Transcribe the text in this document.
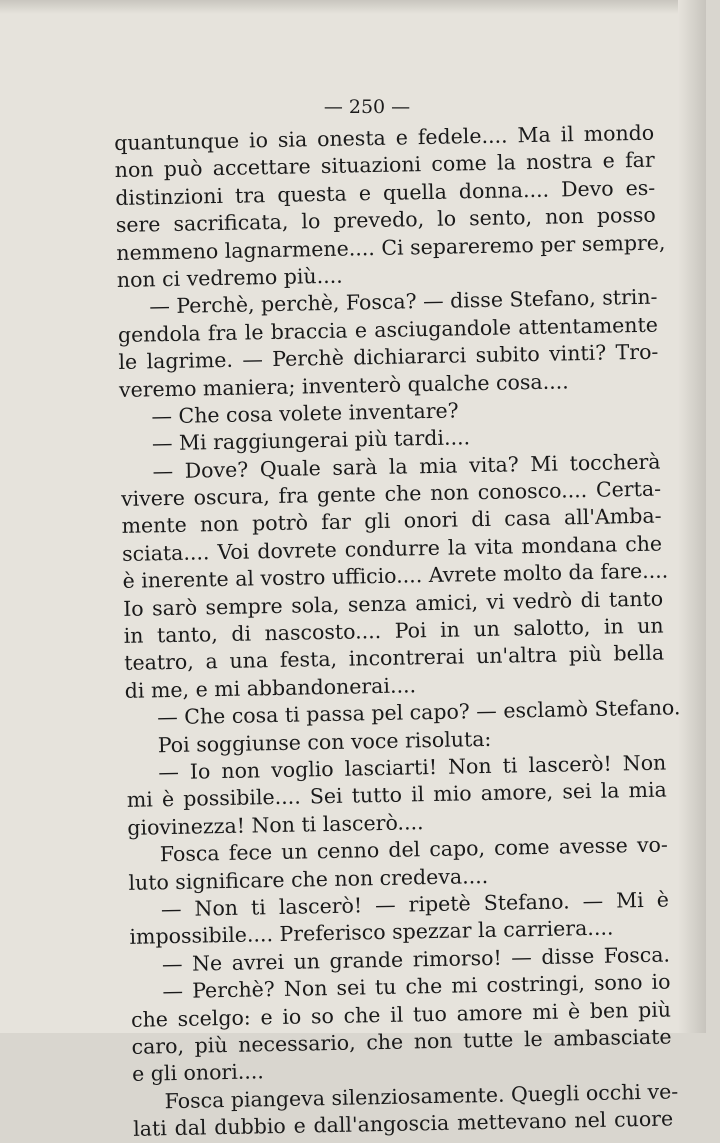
— 250 —
quantunque io sia onesta e fedele.... Ma il mondo
non può accettare situazioni come la nostra e far
distinzioni tra questa e quella donna.... Devo es-
sere sacrificata, lo prevedo, lo sento, non posso
nemmeno lagnarmene.... Ci separeremo per sempre,
non ci vedremo più....
— Perchè, perchè, Fosca? — disse Stefano, strin-
gendola fra le braccia e asciugandole attentamente
le lagrime. — Perchè dichiararci subito vinti? Tro-
veremo maniera; inventerò qualche cosa....
— Che cosa volete inventare?
— Mi raggiungerai più tardi....
— Dove? Quale sarà la mia vita? Mi toccherà
vivere oscura, fra gente che non conosco.... Certa-
mente non potrò far gli onori di casa all'Amba-
sciata.... Voi dovrete condurre la vita mondana che
è inerente al vostro ufficio.... Avrete molto da fare....
Io sarò sempre sola, senza amici, vi vedrò di tanto
in tanto, di nascosto.... Poi in un salotto, in un
teatro, a una festa, incontrerai un'altra più bella
di me, e mi abbandonerai....
— Che cosa ti passa pel capo? — esclamò Stefano.
Poi soggiunse con voce risoluta:
— Io non voglio lasciarti! Non ti lascerò! Non
mi è possibile.... Sei tutto il mio amore, sei la mia
giovinezza! Non ti lascerò....
Fosca fece un cenno del capo, come avesse vo-
luto significare che non credeva....
— Non ti lascerò! — ripetè Stefano. — Mi è
impossibile.... Preferisco spezzar la carriera....
— Ne avrei un grande rimorso! — disse Fosca.
— Perchè? Non sei tu che mi costringi, sono io
che scelgo: e io so che il tuo amore mi è ben più
caro, più necessario, che non tutte le ambasciate
e gli onori....
Fosca piangeva silenziosamente. Quegli occhi ve-
lati dal dubbio e dall'angoscia mettevano nel cuore
